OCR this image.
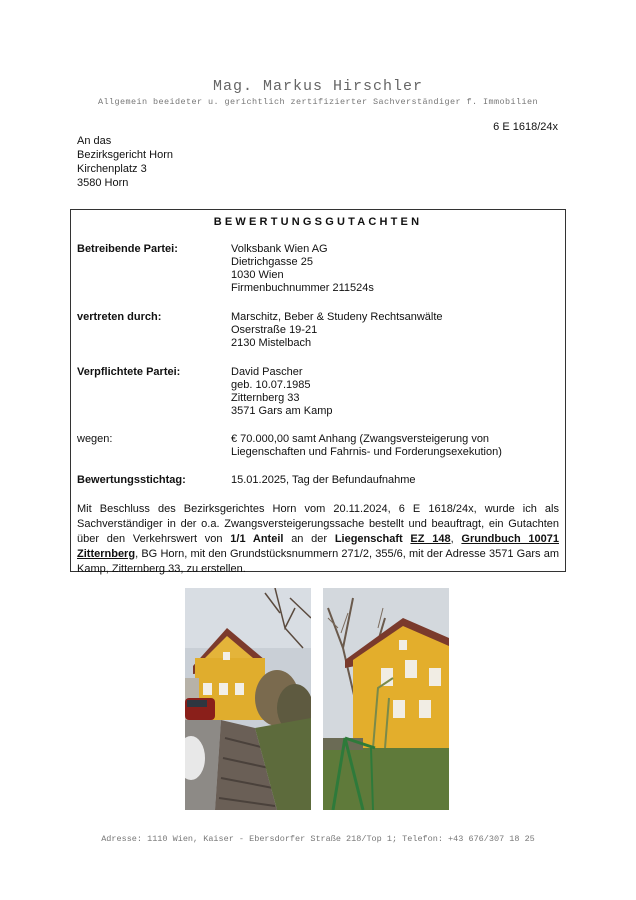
Mag. Markus Hirschler
Allgemein beeideter u. gerichtlich zertifizierter Sachverständiger f. Immobilien
6 E 1618/24x
An das
Bezirksgericht Horn
Kirchenplatz 3
3580 Horn
BEWERTUNGSGUTACHTEN
Betreibende Partei:	Volksbank Wien AG
Dietrichgasse 25
1030 Wien
Firmenbuchnummer 211524s
vertreten durch:	Marschitz, Beber & Studeny Rechtsanwälte
Oserstraße 19-21
2130 Mistelbach
Verpflichtete Partei:	David Pascher
geb. 10.07.1985
Zitternberg 33
3571 Gars am Kamp
wegen:	€ 70.000,00 samt Anhang (Zwangsversteigerung von
Liegenschaften und Fahrnis- und Forderungsexekution)
Bewertungsstichtag:	15.01.2025, Tag der Befundaufnahme
Mit Beschluss des Bezirksgerichtes Horn vom 20.11.2024, 6 E 1618/24x, wurde ich als Sachverständiger in der o.a. Zwangsversteigerungssache bestellt und beauftragt, ein Gutachten über den Verkehrswert von 1/1 Anteil an der Liegenschaft EZ 148, Grundbuch 10071 Zitternberg, BG Horn, mit den Grundstücksnummern 271/2, 355/6, mit der Adresse 3571 Gars am Kamp, Zitternberg 33, zu erstellen.
Adresse: 1110 Wien, Kaiser - Ebersdorfer Straße 218/Top 1; Telefon: +43 676/307 18 25
